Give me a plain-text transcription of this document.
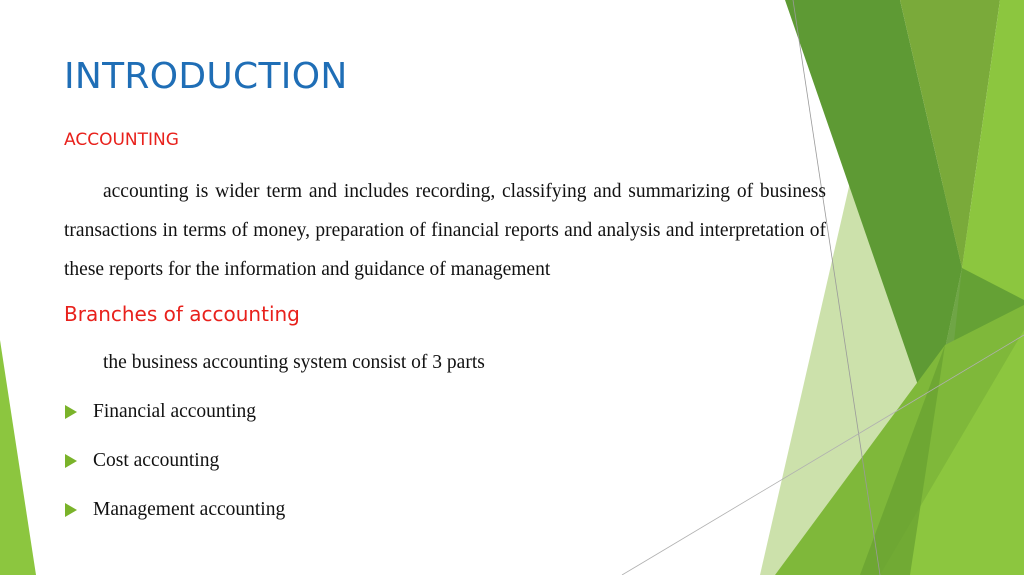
INTRODUCTION

ACCOUNTING

accounting is wider term and includes recording, classifying and summarizing of business transactions in terms of money, preparation of financial reports and analysis and interpretation of these reports for the information and guidance of management

Branches of accounting

the business accounting system consist of 3 parts

Financial accounting
Cost accounting
Management accounting
